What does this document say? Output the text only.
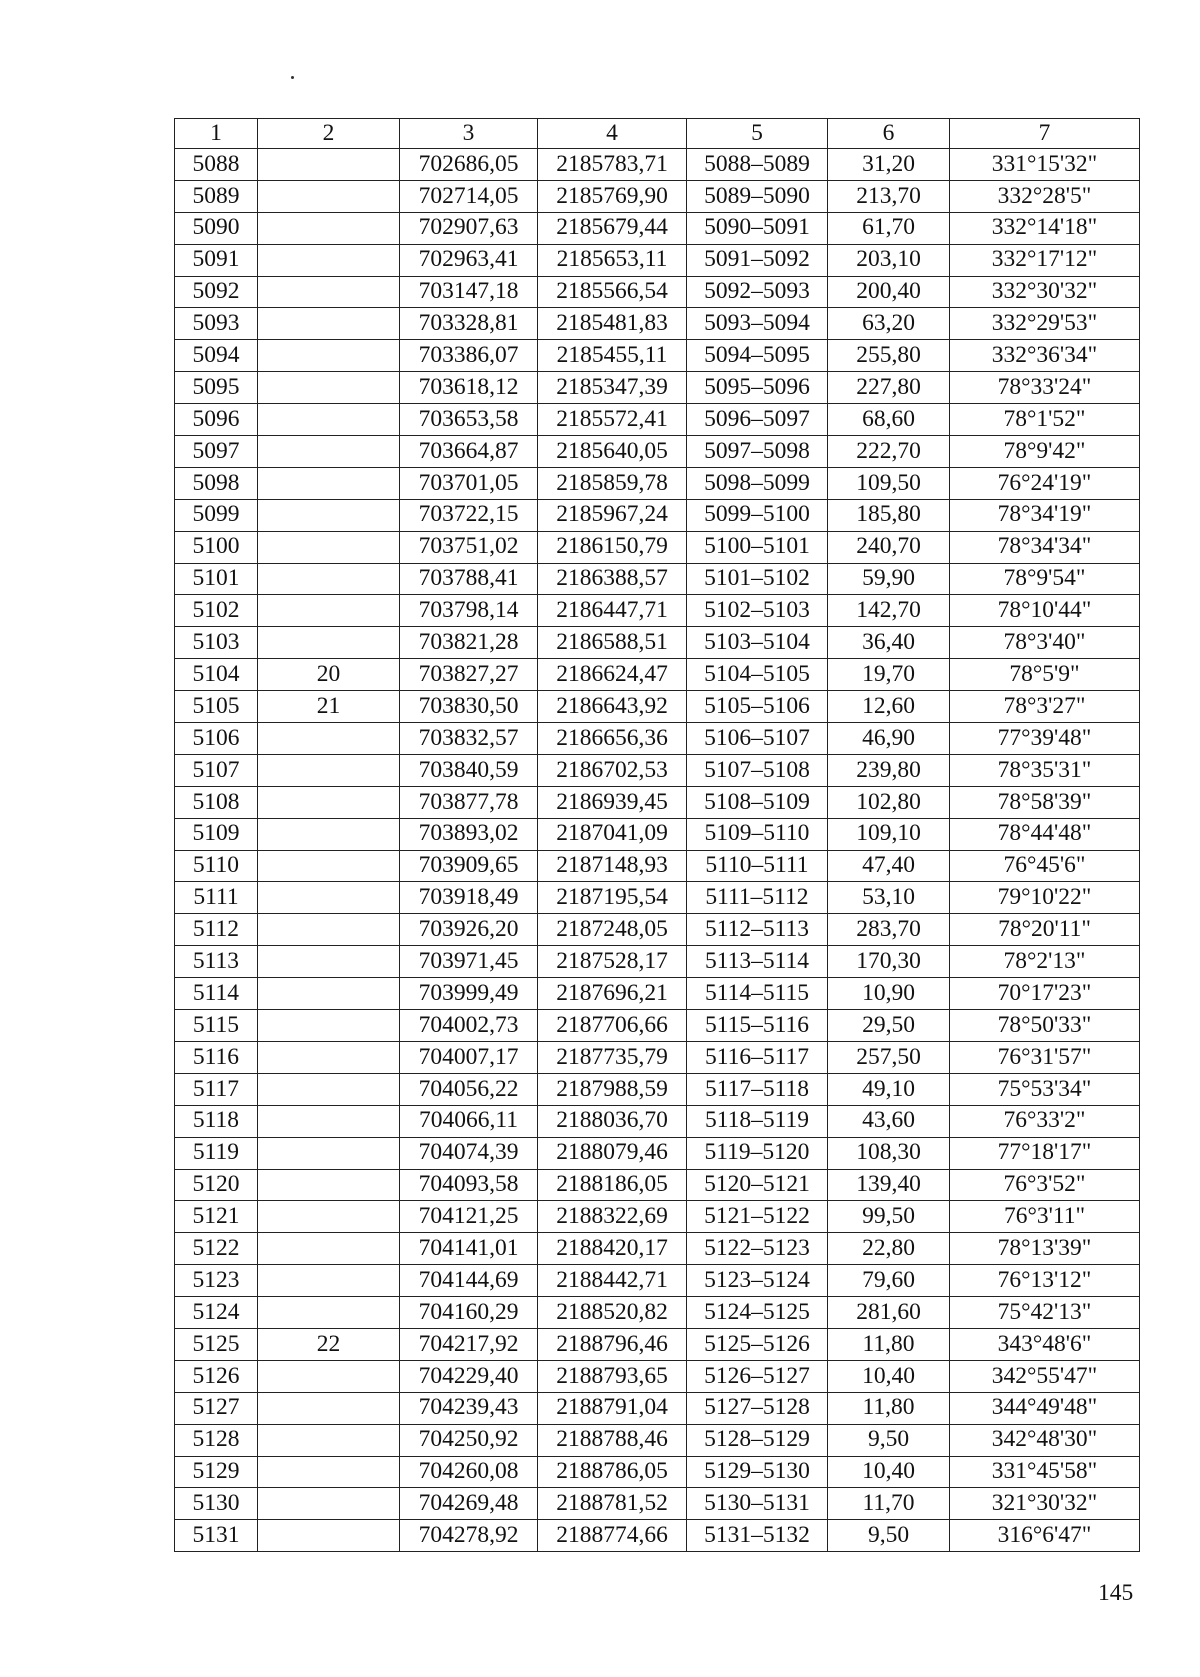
1	2	3	4	5	6	7
5088		702686,05	2185783,71	5088–5089	31,20	331°15'32"
5089		702714,05	2185769,90	5089–5090	213,70	332°28'5"
5090		702907,63	2185679,44	5090–5091	61,70	332°14'18"
5091		702963,41	2185653,11	5091–5092	203,10	332°17'12"
5092		703147,18	2185566,54	5092–5093	200,40	332°30'32"
5093		703328,81	2185481,83	5093–5094	63,20	332°29'53"
5094		703386,07	2185455,11	5094–5095	255,80	332°36'34"
5095		703618,12	2185347,39	5095–5096	227,80	78°33'24"
5096		703653,58	2185572,41	5096–5097	68,60	78°1'52"
5097		703664,87	2185640,05	5097–5098	222,70	78°9'42"
5098		703701,05	2185859,78	5098–5099	109,50	76°24'19"
5099		703722,15	2185967,24	5099–5100	185,80	78°34'19"
5100		703751,02	2186150,79	5100–5101	240,70	78°34'34"
5101		703788,41	2186388,57	5101–5102	59,90	78°9'54"
5102		703798,14	2186447,71	5102–5103	142,70	78°10'44"
5103		703821,28	2186588,51	5103–5104	36,40	78°3'40"
5104	20	703827,27	2186624,47	5104–5105	19,70	78°5'9"
5105	21	703830,50	2186643,92	5105–5106	12,60	78°3'27"
5106		703832,57	2186656,36	5106–5107	46,90	77°39'48"
5107		703840,59	2186702,53	5107–5108	239,80	78°35'31"
5108		703877,78	2186939,45	5108–5109	102,80	78°58'39"
5109		703893,02	2187041,09	5109–5110	109,10	78°44'48"
5110		703909,65	2187148,93	5110–5111	47,40	76°45'6"
5111		703918,49	2187195,54	5111–5112	53,10	79°10'22"
5112		703926,20	2187248,05	5112–5113	283,70	78°20'11"
5113		703971,45	2187528,17	5113–5114	170,30	78°2'13"
5114		703999,49	2187696,21	5114–5115	10,90	70°17'23"
5115		704002,73	2187706,66	5115–5116	29,50	78°50'33"
5116		704007,17	2187735,79	5116–5117	257,50	76°31'57"
5117		704056,22	2187988,59	5117–5118	49,10	75°53'34"
5118		704066,11	2188036,70	5118–5119	43,60	76°33'2"
5119		704074,39	2188079,46	5119–5120	108,30	77°18'17"
5120		704093,58	2188186,05	5120–5121	139,40	76°3'52"
5121		704121,25	2188322,69	5121–5122	99,50	76°3'11"
5122		704141,01	2188420,17	5122–5123	22,80	78°13'39"
5123		704144,69	2188442,71	5123–5124	79,60	76°13'12"
5124		704160,29	2188520,82	5124–5125	281,60	75°42'13"
5125	22	704217,92	2188796,46	5125–5126	11,80	343°48'6"
5126		704229,40	2188793,65	5126–5127	10,40	342°55'47"
5127		704239,43	2188791,04	5127–5128	11,80	344°49'48"
5128		704250,92	2188788,46	5128–5129	9,50	342°48'30"
5129		704260,08	2188786,05	5129–5130	10,40	331°45'58"
5130		704269,48	2188781,52	5130–5131	11,70	321°30'32"
5131		704278,92	2188774,66	5131–5132	9,50	316°6'47"
145
